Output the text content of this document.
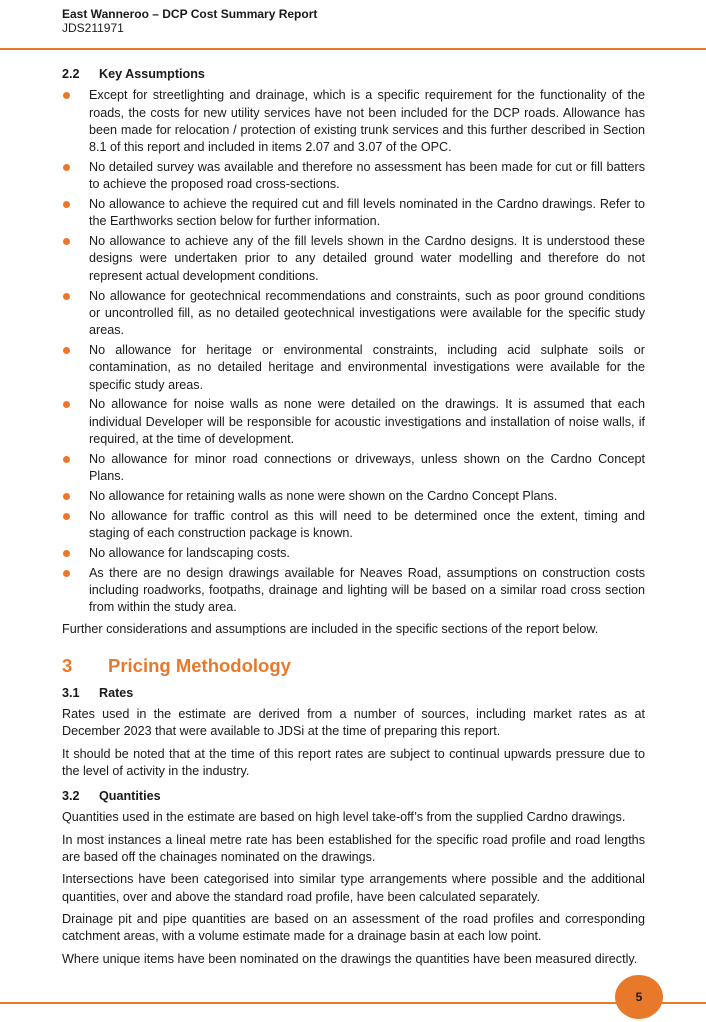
East Wanneroo – DCP Cost Summary Report
JDS211971
2.2	Key Assumptions
Except for streetlighting and drainage, which is a specific requirement for the functionality of the roads, the costs for new utility services have not been included for the DCP roads. Allowance has been made for relocation / protection of existing trunk services and this further described in Section 8.1 of this report and included in items 2.07 and 3.07 of the OPC.
No detailed survey was available and therefore no assessment has been made for cut or fill batters to achieve the proposed road cross-sections.
No allowance to achieve the required cut and fill levels nominated in the Cardno drawings. Refer to the Earthworks section below for further information.
No allowance to achieve any of the fill levels shown in the Cardno designs. It is understood these designs were undertaken prior to any detailed ground water modelling and therefore do not represent actual development conditions.
No allowance for geotechnical recommendations and constraints, such as poor ground conditions or uncontrolled fill, as no detailed geotechnical investigations were available for the specific study areas.
No allowance for heritage or environmental constraints, including acid sulphate soils or contamination, as no detailed heritage and environmental investigations were available for the specific study areas.
No allowance for noise walls as none were detailed on the drawings. It is assumed that each individual Developer will be responsible for acoustic investigations and installation of noise walls, if required, at the time of development.
No allowance for minor road connections or driveways, unless shown on the Cardno Concept Plans.
No allowance for retaining walls as none were shown on the Cardno Concept Plans.
No allowance for traffic control as this will need to be determined once the extent, timing and staging of each construction package is known.
No allowance for landscaping costs.
As there are no design drawings available for Neaves Road, assumptions on construction costs including roadworks, footpaths, drainage and lighting will be based on a similar road cross section from within the study area.

Further considerations and assumptions are included in the specific sections of the report below.

3	Pricing Methodology
3.1	Rates

Rates used in the estimate are derived from a number of sources, including market rates as at December 2023 that were available to JDSi at the time of preparing this report.

It should be noted that at the time of this report rates are subject to continual upwards pressure due to the level of activity in the industry.

3.2	Quantities

Quantities used in the estimate are based on high level take-off’s from the supplied Cardno drawings.

In most instances a lineal metre rate has been established for the specific road profile and road lengths are based off the chainages nominated on the drawings.

Intersections have been categorised into similar type arrangements where possible and the additional quantities, over and above the standard road profile, have been calculated separately.

Drainage pit and pipe quantities are based on an assessment of the road profiles and corresponding catchment areas, with a volume estimate made for a drainage basin at each low point.

Where unique items have been nominated on the drawings the quantities have been measured directly.

5
